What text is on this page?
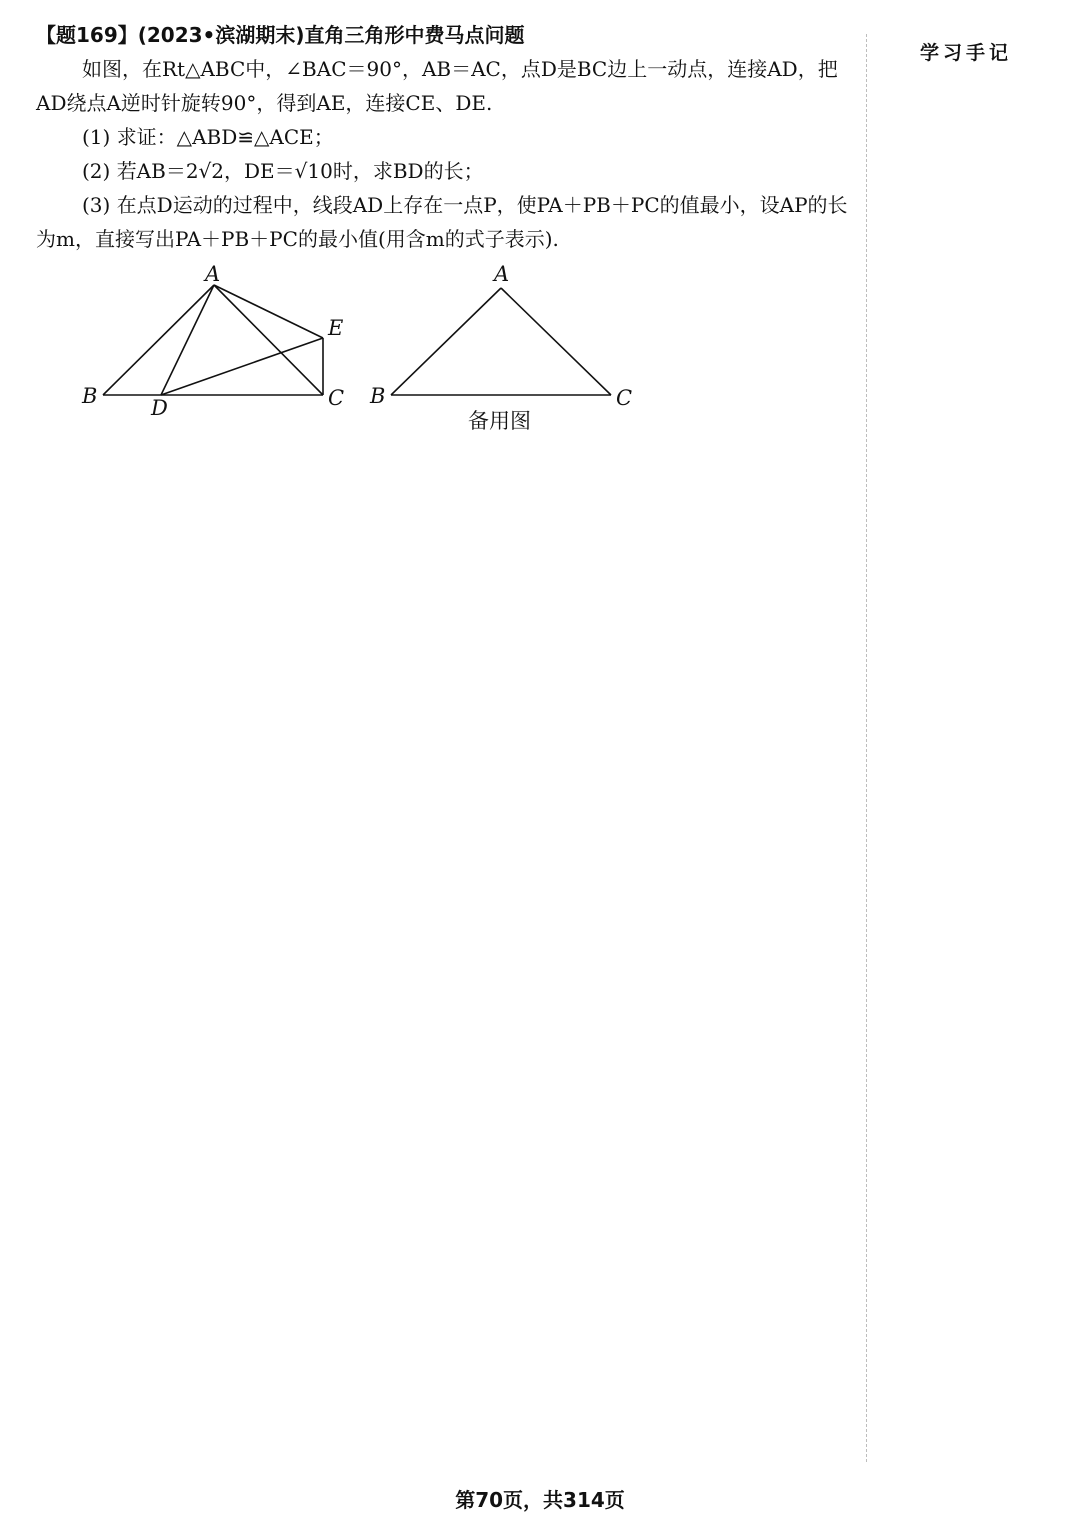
【题169】(2023•滨湖期末)直角三角形中费马点问题

如图，在Rt△ABC中，∠BAC＝90°，AB＝AC，点D是BC边上一动点，连接AD，把AD绕点A逆时针旋转90°，得到AE，连接CE、DE.

(1) 求证：△ABD≌△ACE；

(2) 若AB＝2√2，DE＝√10时，求BD的长；

(3) 在点D运动的过程中，线段AD上存在一点P，使PA＋PB＋PC的值最小，设AP的长为m，直接写出PA＋PB＋PC的最小值(用含m的式子表示).

A
B	C
D
E
A
B	C
备用图
学习手记
第70页，共314页
